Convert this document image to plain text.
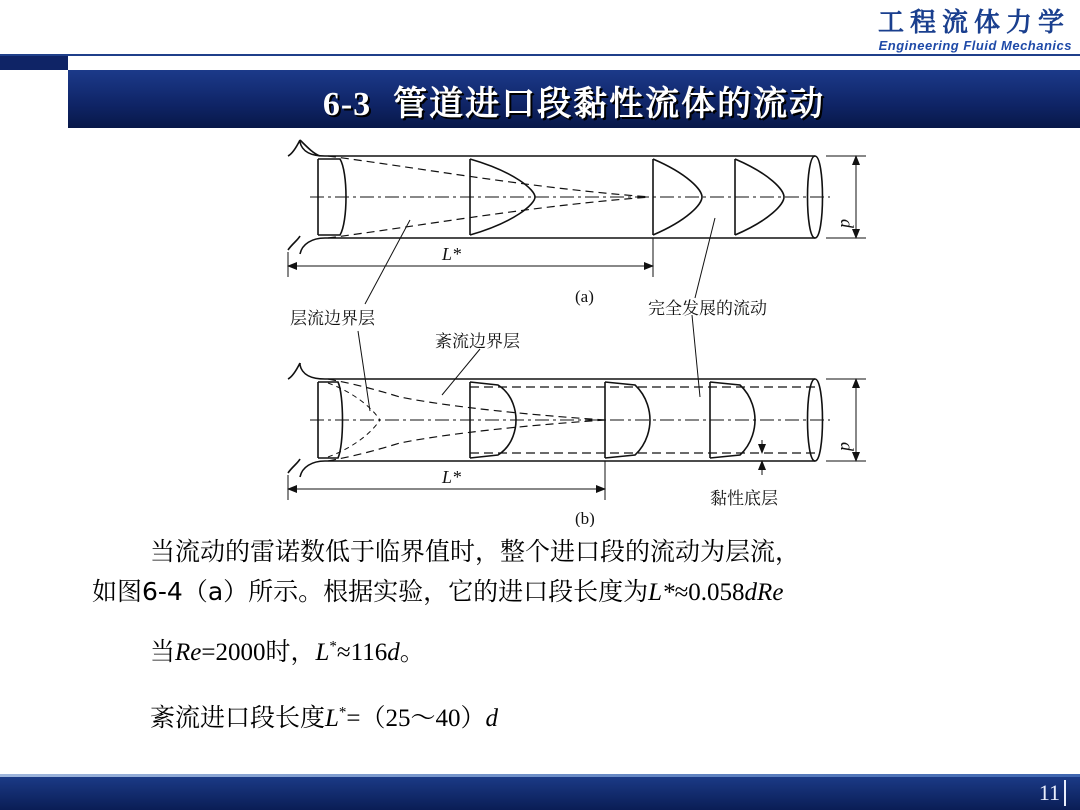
工程流体力学
Engineering Fluid Mechanics
6-3 管道进口段黏性流体的流动
L*
d
(a)
层流边界层	完全发展的流动
紊流边界层
L*
d
(b)
黏性底层
当流动的雷诺数低于临界值时，整个进口段的流动为层流，
如图6-4（a）所示。根据实验，它的进口段长度为L*≈0.058dRe
当Re=2000时，L*≈116d。
紊流进口段长度L*=（25～40）d
11
